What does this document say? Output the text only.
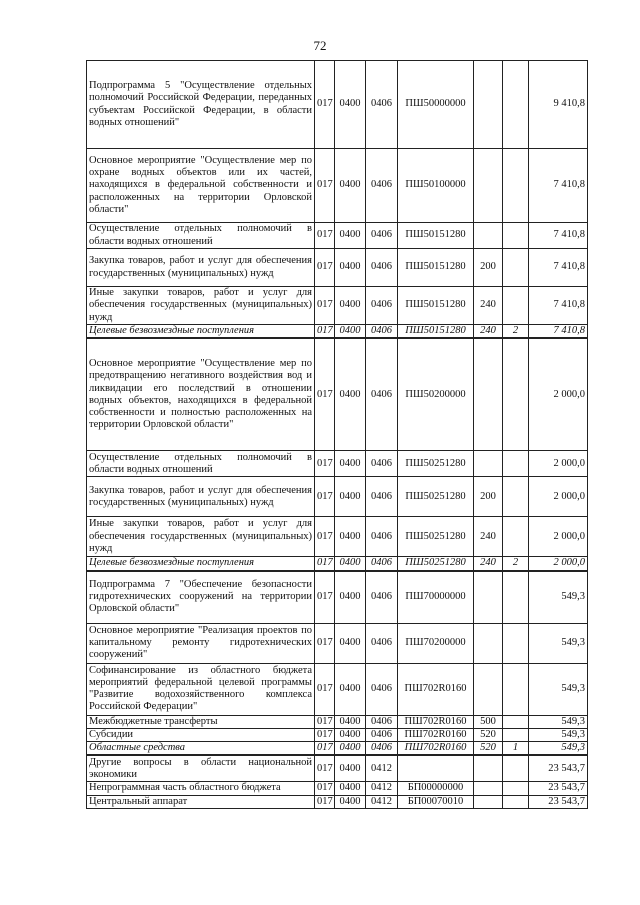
72
Подпрограмма 5 "Осуществление отдельных полномочий Российской Федерации, переданных субъектам Российской Федерации, в области водных отношений"	017	0400	0406	ПШ50000000			9 410,8
Основное мероприятие "Осуществление мер по охране водных объектов или их частей, находящихся в федеральной собственности и расположенных на территории Орловской области"	017	0400	0406	ПШ50100000			7 410,8
Осуществление отдельных полномочий в области водных отношений	017	0400	0406	ПШ50151280			7 410,8
Закупка товаров, работ и услуг для обеспечения государственных (муниципальных) нужд	017	0400	0406	ПШ50151280	200		7 410,8
Иные закупки товаров, работ и услуг для обеспечения государственных (муниципальных) нужд	017	0400	0406	ПШ50151280	240		7 410,8
Целевые безвозмездные поступления	017	0400	0406	ПШ50151280	240	2	7 410,8
Основное мероприятие "Осуществление мер по предотвращению негативного воздействия вод и ликвидации его последствий в отношении водных объектов, находящихся в федеральной собственности и полностью расположенных на территории Орловской области"	017	0400	0406	ПШ50200000			2 000,0
Осуществление отдельных полномочий в области водных отношений	017	0400	0406	ПШ50251280			2 000,0
Закупка товаров, работ и услуг для обеспечения государственных (муниципальных) нужд	017	0400	0406	ПШ50251280	200		2 000,0
Иные закупки товаров, работ и услуг для обеспечения государственных (муниципальных) нужд	017	0400	0406	ПШ50251280	240		2 000,0
Целевые безвозмездные поступления	017	0400	0406	ПШ50251280	240	2	2 000,0
Подпрограмма 7 "Обеспечение безопасности гидротехнических сооружений на территории Орловской области"	017	0400	0406	ПШ70000000			549,3
Основное мероприятие "Реализация проектов по капитальному ремонту гидротехнических сооружений"	017	0400	0406	ПШ70200000			549,3
Софинансирование из областного бюджета мероприятий федеральной целевой программы "Развитие водохозяйственного комплекса Российской Федерации"	017	0400	0406	ПШ702R0160			549,3
Межбюджетные трансферты	017	0400	0406	ПШ702R0160	500		549,3
Субсидии	017	0400	0406	ПШ702R0160	520		549,3
Областные средства	017	0400	0406	ПШ702R0160	520	1	549,3
Другие вопросы в области национальной экономики	017	0400	0412				23 543,7
Непрограммная часть областного бюджета	017	0400	0412	БП00000000			23 543,7
Центральный аппарат	017	0400	0412	БП00070010			23 543,7
